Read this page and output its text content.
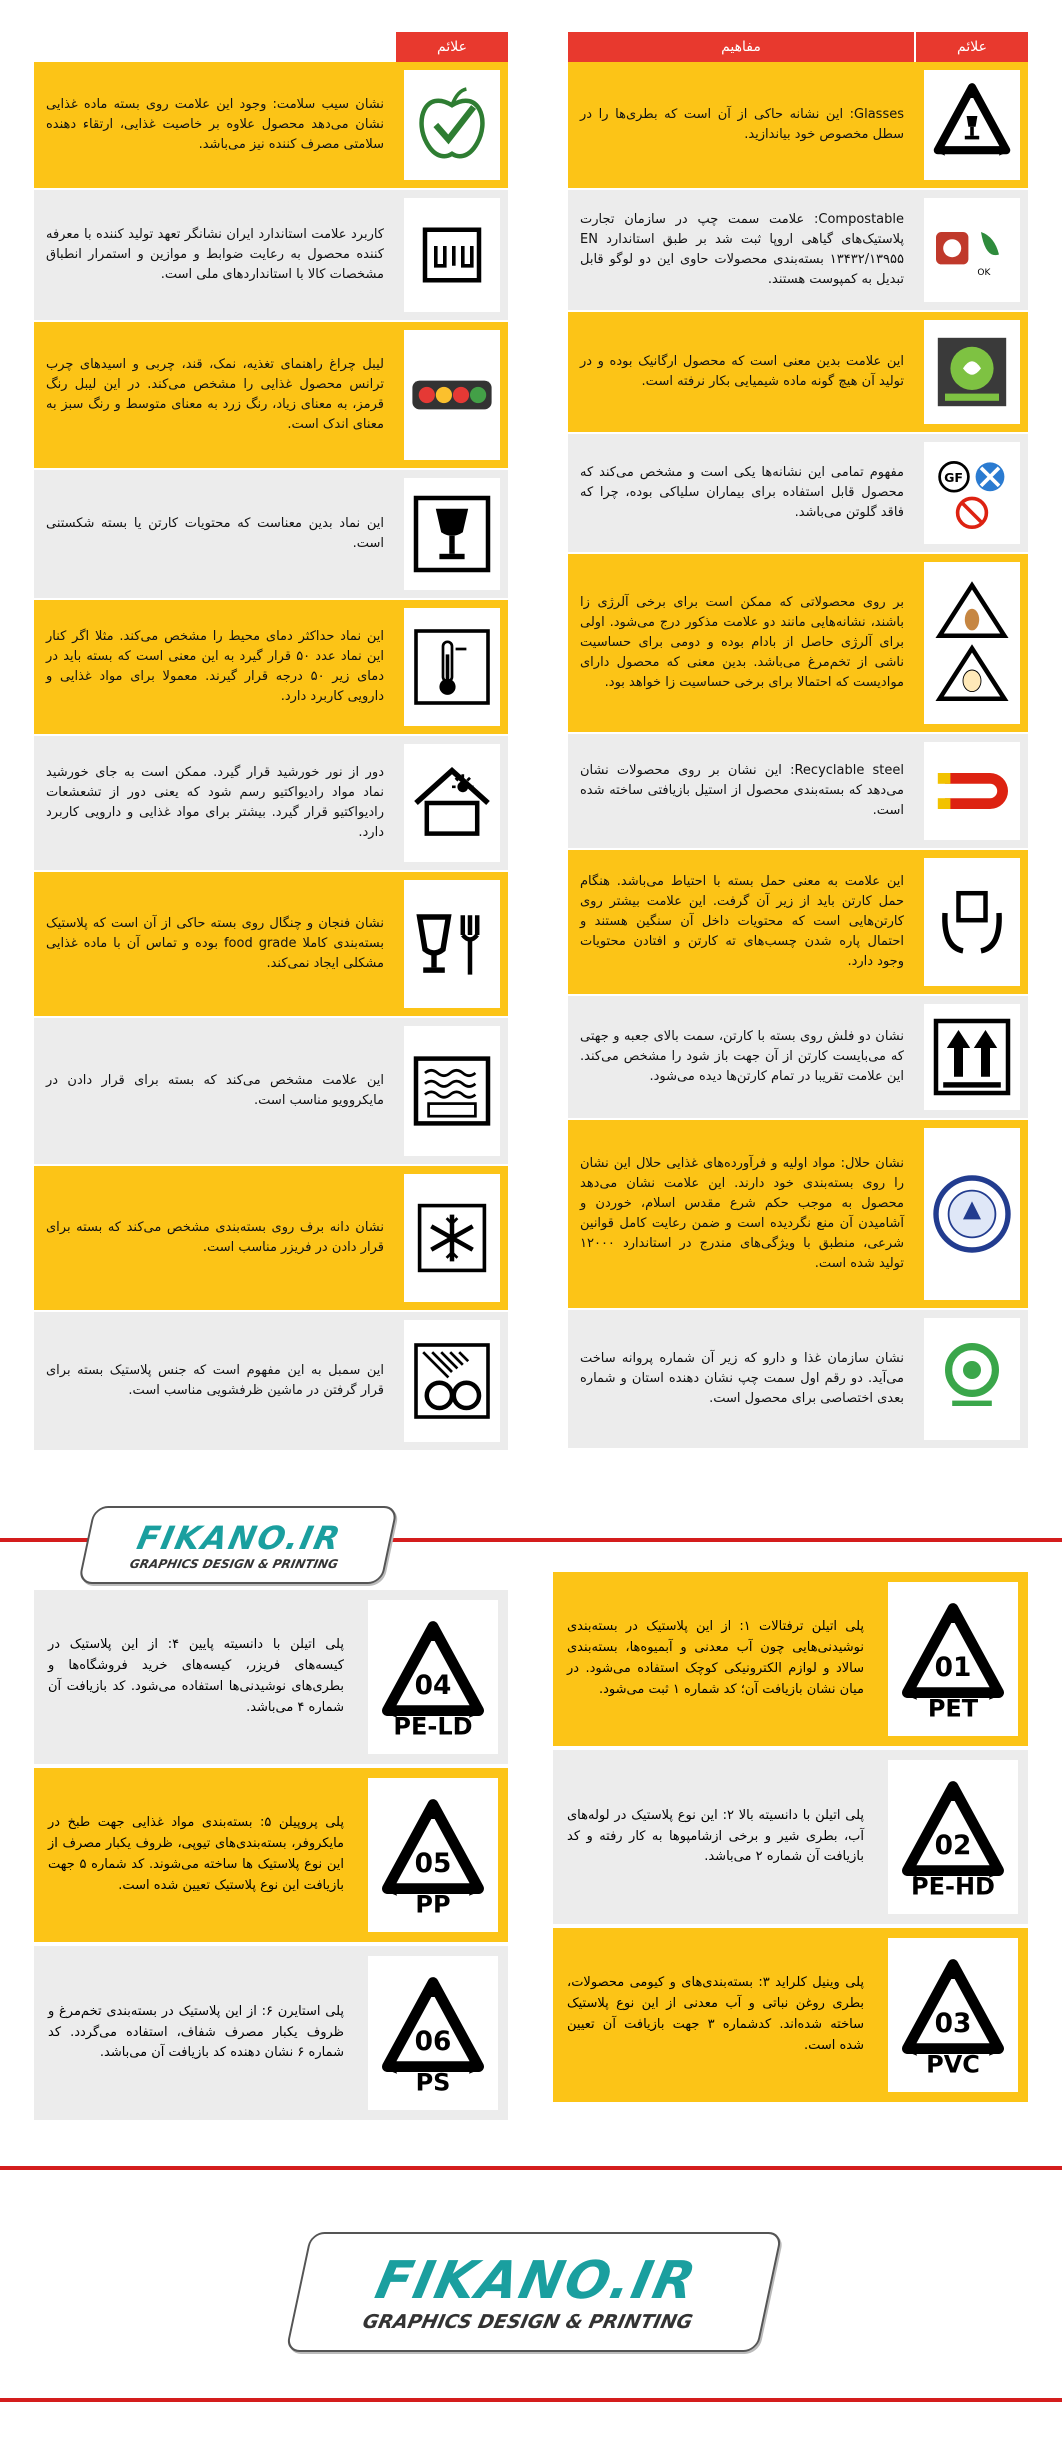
مفاهیم	علائم
Glasses: این نشانه حاکی از آن است که بطری‌ها را در سطل مخصوص خود بیاندازید.
Compostable: علامت سمت چپ در سازمان تجارت پلاستیک‌های گیاهی اروپا ثبت شد بر طبق استاندارد EN ۱۳۴۳۲/۱۳۹۵۵ بسته‌بندی محصولات حاوی این دو لوگو قابل تبدیل به کمپوست هستند.	OK
این علامت بدین معنی است که محصول ارگانیک بوده و در تولید آن هیچ گونه ماده شیمیایی بکار نرفته است.
مفهوم تمامی این نشانه‌ها یکی است و مشخص می‌کند که محصول قابل استفاده برای بیماران سلیاکی بوده، چرا که فاقد گلوتن می‌باشد.
GF
بر روی محصولاتی که ممکن است برای برخی آلرژی زا باشند، نشانه‌هایی مانند دو علامت مذکور درج می‌شود. اولی برای آلرژی حاصل از بادام بوده و دومی برای حساسیت ناشی از تخم‌مرغ می‌باشد. بدین معنی که محصول دارای موادیست که احتمالا برای برخی حساسیت زا خواهد بود.
Recyclable steel: این نشان بر روی محصولات نشان می‌دهد که بسته‌بندی محصول از استیل بازیافتی ساخته شده است.
این علامت به معنی حمل بسته با احتیاط می‌باشد. هنگام حمل کارتن باید از زیر آن گرفت. این علامت بیشتر روی کارتن‌هایی است که محتویات داخل آن سنگین هستند و احتمال پاره شدن چسب‌های ته کارتن و افتادن محتویات وجود دارد.
نشان دو فلش روی بسته با کارتن، سمت بالای جعبه و جهتی که می‌بایست کارتن از آن جهت باز شود را مشخص می‌کند. این علامت تقریبا در تمام کارتن‌ها دیده می‌شود.
نشان حلال: مواد اولیه و فرآورده‌های غذایی حلال این نشان را روی بسته‌بندی خود دارند. این علامت نشان می‌دهد محصول به موجب حکم شرع مقدس اسلام، خوردن و آشامیدن آن منع نگردیده است و ضمن رعایت کامل قوانین شرعی، منطبق با ویژگی‌های مندرج در استاندارد ۱۲۰۰۰ تولید شده است.
نشان سازمان غذا و دارو که زیر آن شماره پروانه ساخت می‌آید. دو رقم اول سمت چپ نشان دهنده استان و شماره بعدی اختصاصی برای محصول است.
علائم
نشان سیب سلامت: وجود این علامت روی بسته ماده غذایی نشان می‌دهد محصول علاوه بر خاصیت غذایی، ارتقاء دهنده سلامتی مصرف کننده نیز می‌باشد.
کاربرد علامت استاندارد ایران نشانگر تعهد تولید کننده با معرفه کننده محصول به رعایت ضوابط و موازین و استمرار انطباق مشخصات کالا با استانداردهای ملی است.
لیبل چراغ راهنمای تغذیه، نمک، قند، چربی و اسیدهای چرب ترانس محصول غذایی را مشخص می‌کند. در این لیبل رنگ قرمز، به معنای زیاد، رنگ زرد به معنای متوسط و رنگ سبز به معنای اندک است.
این نماد بدین معناست که محتویات کارتن یا بسته شکستنی است.
این نماد حداکثر دمای محیط را مشخص می‌کند. مثلا اگر کنار این نماد عدد ۵۰ قرار گیرد به این معنی است که بسته باید در دمای زیر ۵۰ درجه قرار گیرند. معمولا برای مواد غذایی و دارویی کاربرد دارد.
دور از نور خورشید قرار گیرد. ممکن است به جای خورشید نماد مواد رادیواکتیو رسم شود که یعنی دور از تشعشعات رادیواکتیو قرار گیرد. بیشتر برای مواد غذایی و دارویی کاربرد دارد.
نشان فنجان و چنگال روی بسته حاکی از آن است که پلاستیک بسته‌بندی کاملا food grade بوده و تماس آن با ماده غذایی مشکلی ایجاد نمی‌کند.
این علامت مشخص می‌کند که بسته برای قرار دادن در مایکروویو مناسب است.
نشان دانه برف روی بسته‌بندی مشخص می‌کند که بسته برای قرار دادن در فریزر مناسب است.
این سمبل به این مفهوم است که جنس پلاستیک بسته برای قرار گرفتن در ماشین ظرفشویی مناسب است.
FIKANO.IR
GRAPHICS DESIGN & PRINTING
پلی اتیلن ترفتالات ۱: از این پلاستیک در بسته‌بندی نوشیدنی‌هایی چون آب معدنی و آبمیوه‌ها، بسته‌بندی سالاد و لوازم الکترونیکی کوچک استفاده می‌شود. در میان نشان بازیافت آن؛ کد شماره ۱ ثبت می‌شود.
01
PET
پلی اتیلن با دانسیته بالا ۲: این نوع پلاستیک در لوله‌های آب، بطری شیر و برخی ازشامپوها به کار رفته و کد بازیافت آن شماره ۲ می‌باشد.	02
PE-HD
پلی وینیل کلراید ۳: بسته‌بندی‌های و کیومی محصولات، بطری روغن نباتی و آب معدنی از این نوع پلاستیک ساخته شده‌اند. کدشماره ۳ جهت بازیافت آن تعیین شده است.
03
PVC
پلی اتیلن با دانسیته پایین ۴: از این پلاستیک در کیسه‌های فریزر، کیسه‌های خرید فروشگاه‌ها و بطری‌های نوشیدنی‌ها استفاده می‌شود. کد بازیافت آن شماره ۴ می‌باشد.
04
PE-LD
پلی پروپیلن ۵: بسته‌بندی مواد غذایی جهت طبخ در مایکروفر، بسته‌بندی‌های تیوپی، ظروف یکبار مصرف از این نوع پلاستیک ها ساخته می‌شوند. کد شماره ۵ جهت بازیافت این نوع پلاستیک تعیین شده است.
05
PP
پلی استایرن ۶: از این پلاستیک در بسته‌بندی تخم‌مرغ و ظروف یکبار مصرف شفاف، استفاده می‌گردد. کد شماره ۶ نشان دهنده کد بازیافت آن می‌باشد.	06
PS
FIKANO.IR
GRAPHICS DESIGN & PRINTING
